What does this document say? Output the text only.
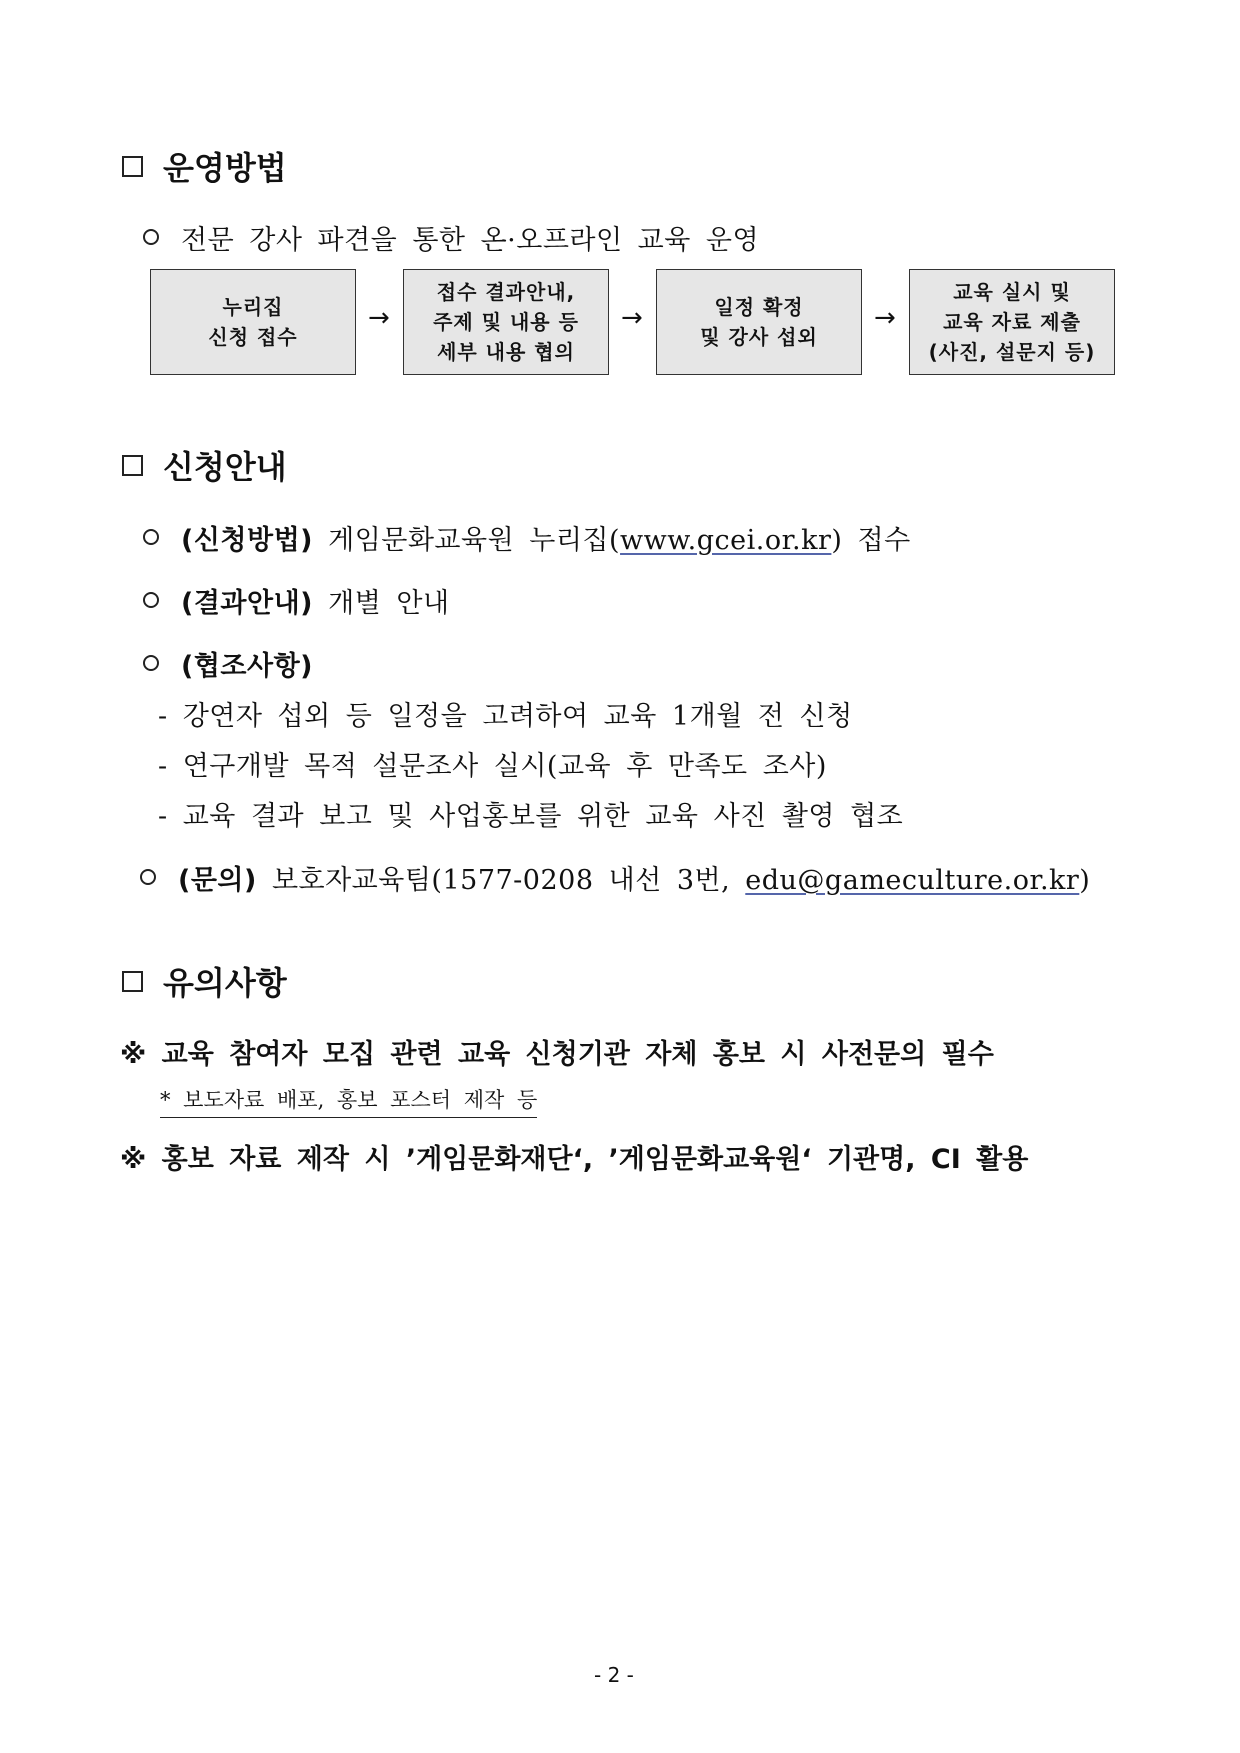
운영방법
전문 강사 파견을 통한 온·오프라인 교육 운영
누리집
신청 접수
→
접수 결과안내,
주제 및 내용 등
세부 내용 협의
→	일정 확정
및 강사 섭외
→
교육 실시 및
교육 자료 제출
(사진, 설문지 등)
신청안내
(신청방법) 게임문화교육원 누리집(www.gcei.or.kr) 접수
(결과안내) 개별 안내
(협조사항)
- 강연자 섭외 등 일정을 고려하여 교육 1개월 전 신청
- 연구개발 목적 설문조사 실시(교육 후 만족도 조사)
- 교육 결과 보고 및 사업홍보를 위한 교육 사진 촬영 협조
(문의) 보호자교육팀(1577-0208 내선 3번, edu@gameculture.or.kr)
유의사항
※ 교육 참여자 모집 관련 교육 신청기관 자체 홍보 시 사전문의 필수
* 보도자료 배포, 홍보 포스터 제작 등
※ 홍보 자료 제작 시 ’게임문화재단‘, ’게임문화교육원‘ 기관명, CI 활용
- 2 -
